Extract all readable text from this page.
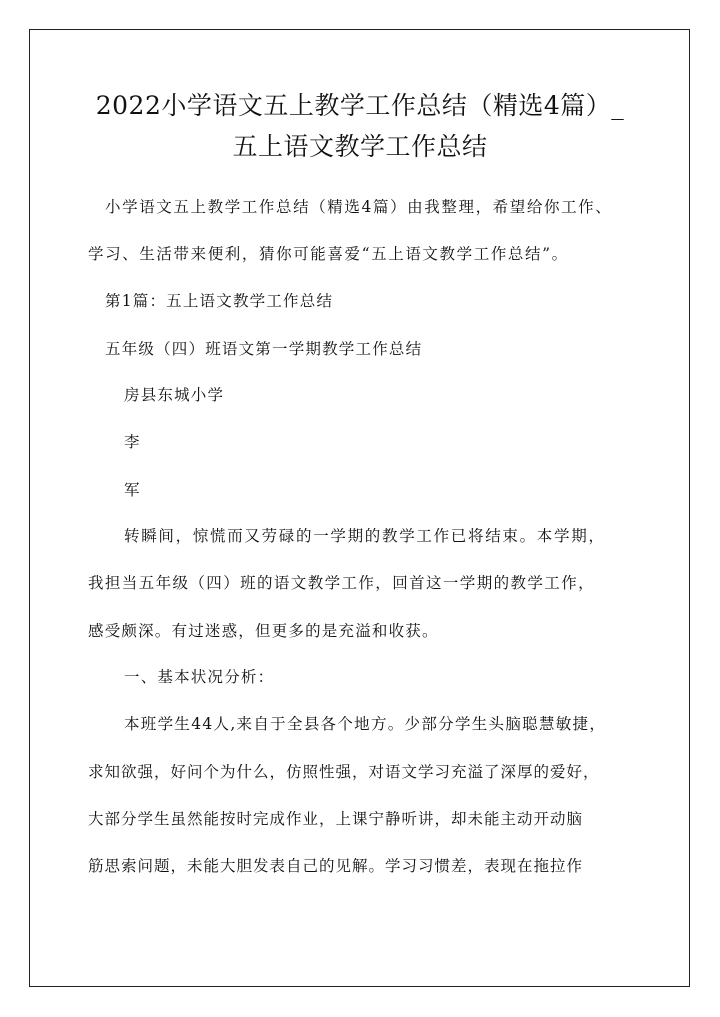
2022小学语文五上教学工作总结（精选4篇）_
五上语文教学工作总结
小学语文五上教学工作总结（精选4篇）由我整理，希望给你工作、
学习、生活带来便利，猜你可能喜爱“五上语文教学工作总结”。
第1篇：五上语文教学工作总结
五年级（四）班语文第一学期教学工作总结
房县东城小学
李
军
转瞬间，惊慌而又劳碌的一学期的教学工作已将结束。本学期，
我担当五年级（四）班的语文教学工作，回首这一学期的教学工作，
感受颇深。有过迷惑，但更多的是充溢和收获。
一、基本状况分析：
本班学生44人,来自于全县各个地方。少部分学生头脑聪慧敏捷，
求知欲强，好问个为什么，仿照性强，对语文学习充溢了深厚的爱好，
大部分学生虽然能按时完成作业，上课宁静听讲，却未能主动开动脑
筋思索问题，未能大胆发表自己的见解。学习习惯差，表现在拖拉作
